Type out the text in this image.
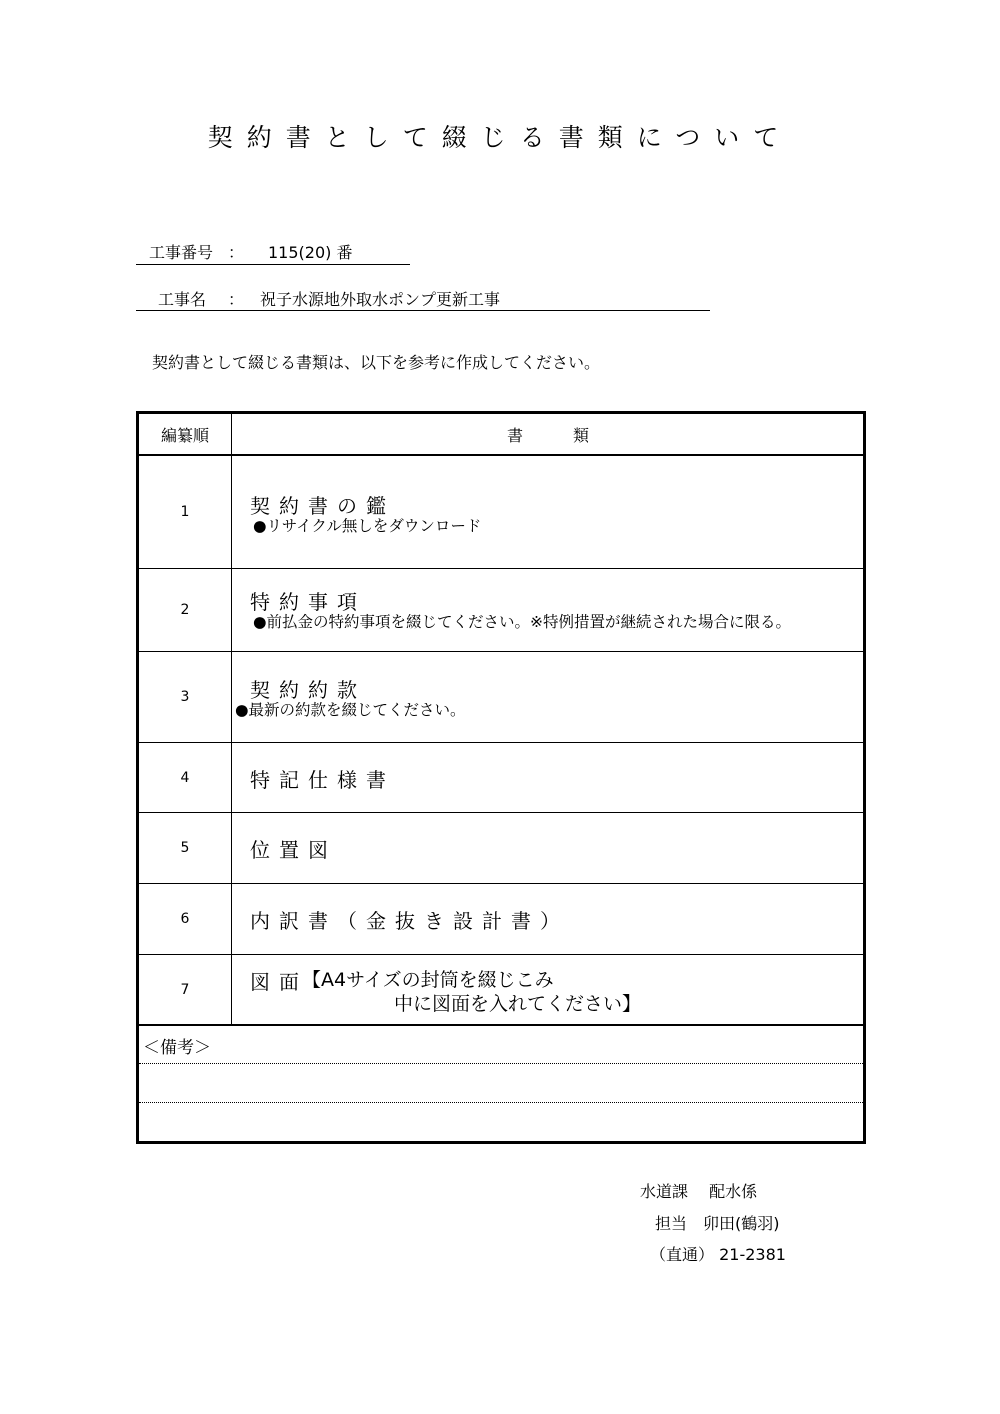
契約書として綴じる書類について
工事番号 ： 115(20) 番
工事名 ： 祝子水源地外取水ポンプ更新工事
契約書として綴じる書類は、以下を参考に作成してください。
編纂順	書類
1	契約書の鑑
●リサイクル無しをダウンロード
2	特約事項
●前払金の特約事項を綴じてください。※特例措置が継続された場合に限る。
3	契約約款
●最新の約款を綴じてください。
4	特記仕様書
5	位置図
6	内訳書（金抜き設計書）
7	図面
【A4サイズの封筒を綴じこみ
中に図面を入れてください】
＜備考＞
水道課　 配水係
担当　卯田(鶴羽)
（直通） 21-2381
